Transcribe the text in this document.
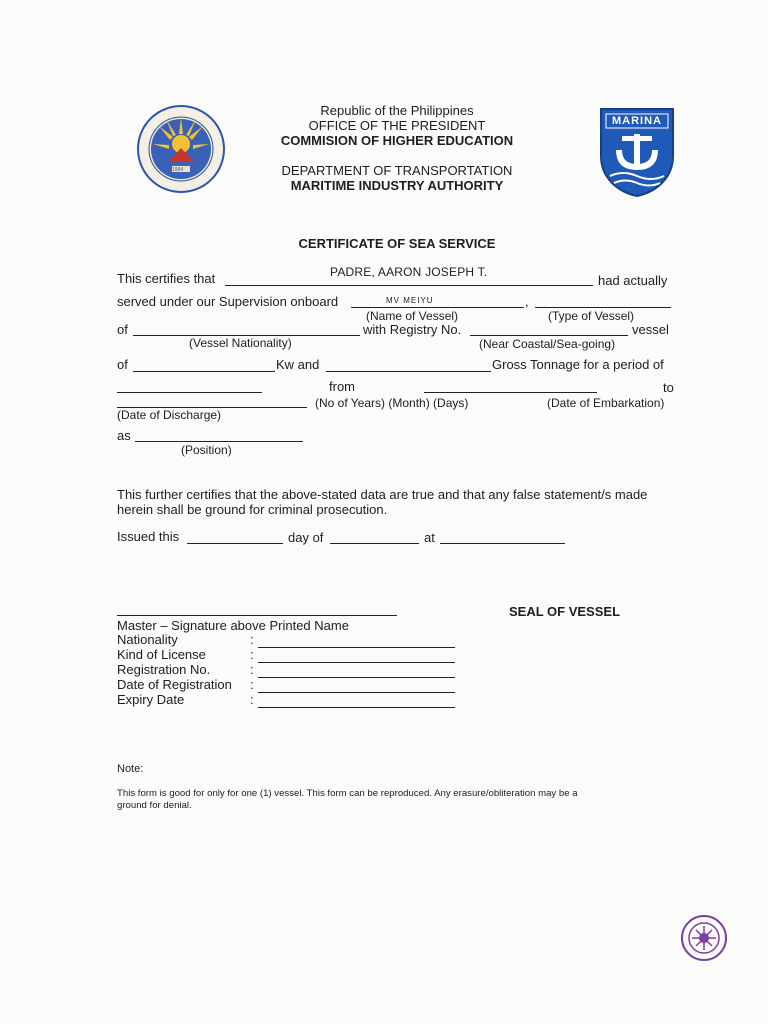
1994
Republic of the Philippines
OFFICE OF THE PRESIDENT
COMMISION OF HIGHER EDUCATION
DEPARTMENT OF TRANSPORTATION
MARITIME INDUSTRY AUTHORITY
MARINA
CERTIFICATE OF SEA SERVICE
This certifies that	PADRE, AARON JOSEPH T.
had actually
served under our Supervision onboard	MV MEIYU	,
(Name of Vessel)	(Type of Vessel)
of	with Registry No.	vessel
(Vessel Nationality)	(Near Coastal/Sea-going)
of	Kw and	Gross Tonnage for a period of
from	to
(No of Years) (Month) (Days)	(Date of Embarkation)
(Date of Discharge)
as
(Position)
This further certifies that the above-stated data are true and that any false statement/s made
herein shall be ground for criminal prosecution.
Issued this	day of	at
SEAL OF VESSEL
Master – Signature above Printed Name
Nationality	:
Kind of License	:
Registration No.	:
Date of Registration :
Expiry Date	:
Note:
This form is good for only for one (1) vessel. This form can be reproduced. Any erasure/obliteration may be a
ground for denial.
